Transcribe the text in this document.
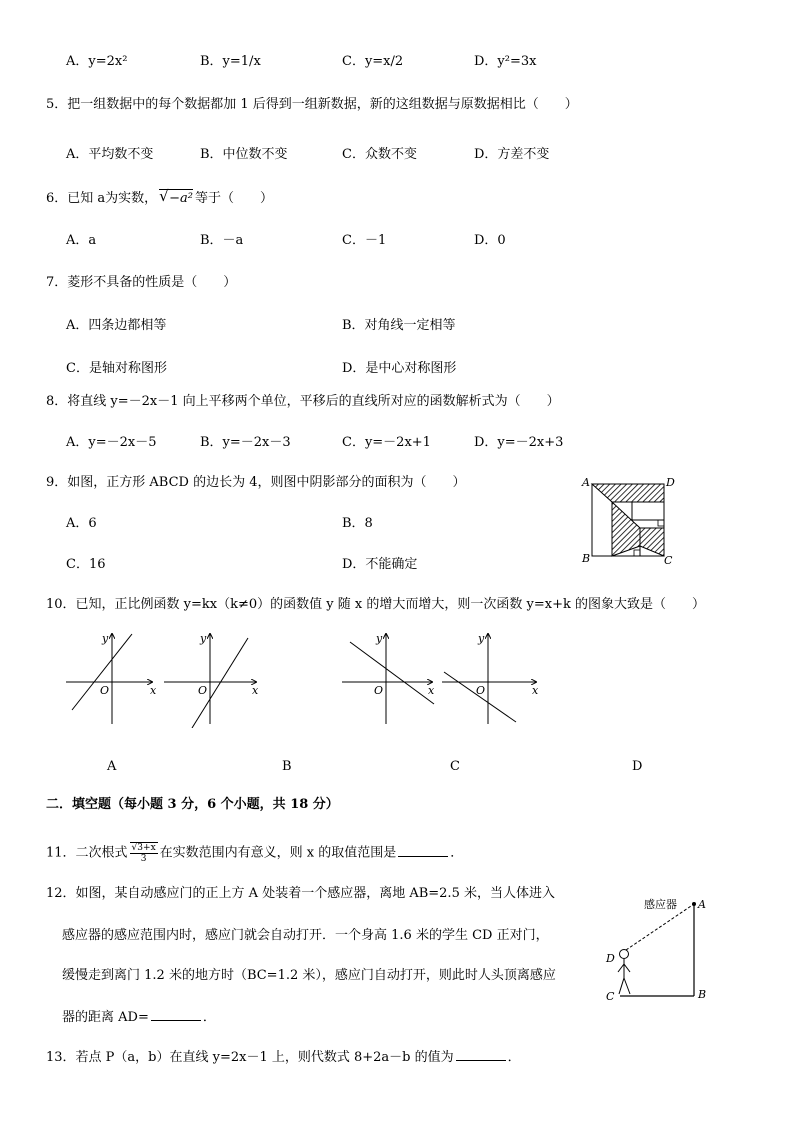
A．y=2x²	B．y=1/x	C．y=x/2	D．y²=3x
5．把一组数据中的每个数据都加 1 后得到一组新数据，新的这组数据与原数据相比（　　）
A．平均数不变	B．中位数不变	C．众数不变	D．方差不变
6．已知 a为实数， √ −a² 等于（　　）
A．a	B．－a	C．－1	D．0
7．菱形不具备的性质是（　　）
A．四条边都相等	B．对角线一定相等
C．是轴对称图形	D．是中心对称图形
8．将直线 y=－2x－1 向上平移两个单位，平移后的直线所对应的函数解析式为（　　）
A．y=－2x－5	B．y=－2x－3	C．y=－2x+1	D．y=－2x+3
9．如图，正方形 ABCD 的边长为 4，则图中阴影部分的面积为（　　）
A．6	B．8
C．16	D．不能确定
A	D
B	C
10．已知，正比例函数 y=kx（k≠0）的函数值 y 随 x 的增大而增大，则一次函数 y=x+k 的图象大致是（　　）
y
x
O
y
x
O
y
x
O
y
x
O
A	B	C	D
二．填空题（每小题 3 分，6 个小题，共 18 分）
11．二次根式 $\frac{√3+x}{3}$ 在实数范围内有意义，则 x 的取值范围是	．
12．如图，某自动感应门的正上方 A 处装着一个感应器，离地 AB=2.5 米，当人体进入
感应器的感应范围内时，感应门就会自动打开．一个身高 1.6 米的学生 CD 正对门，
缓慢走到离门 1.2 米的地方时（BC=1.2 米），感应门自动打开，则此时人头顶离感应
器的距离 AD=	．
感应器 A
D
C	B
13．若点 P（a，b）在直线 y=2x－1 上，则代数式 8+2a－b 的值为	．
